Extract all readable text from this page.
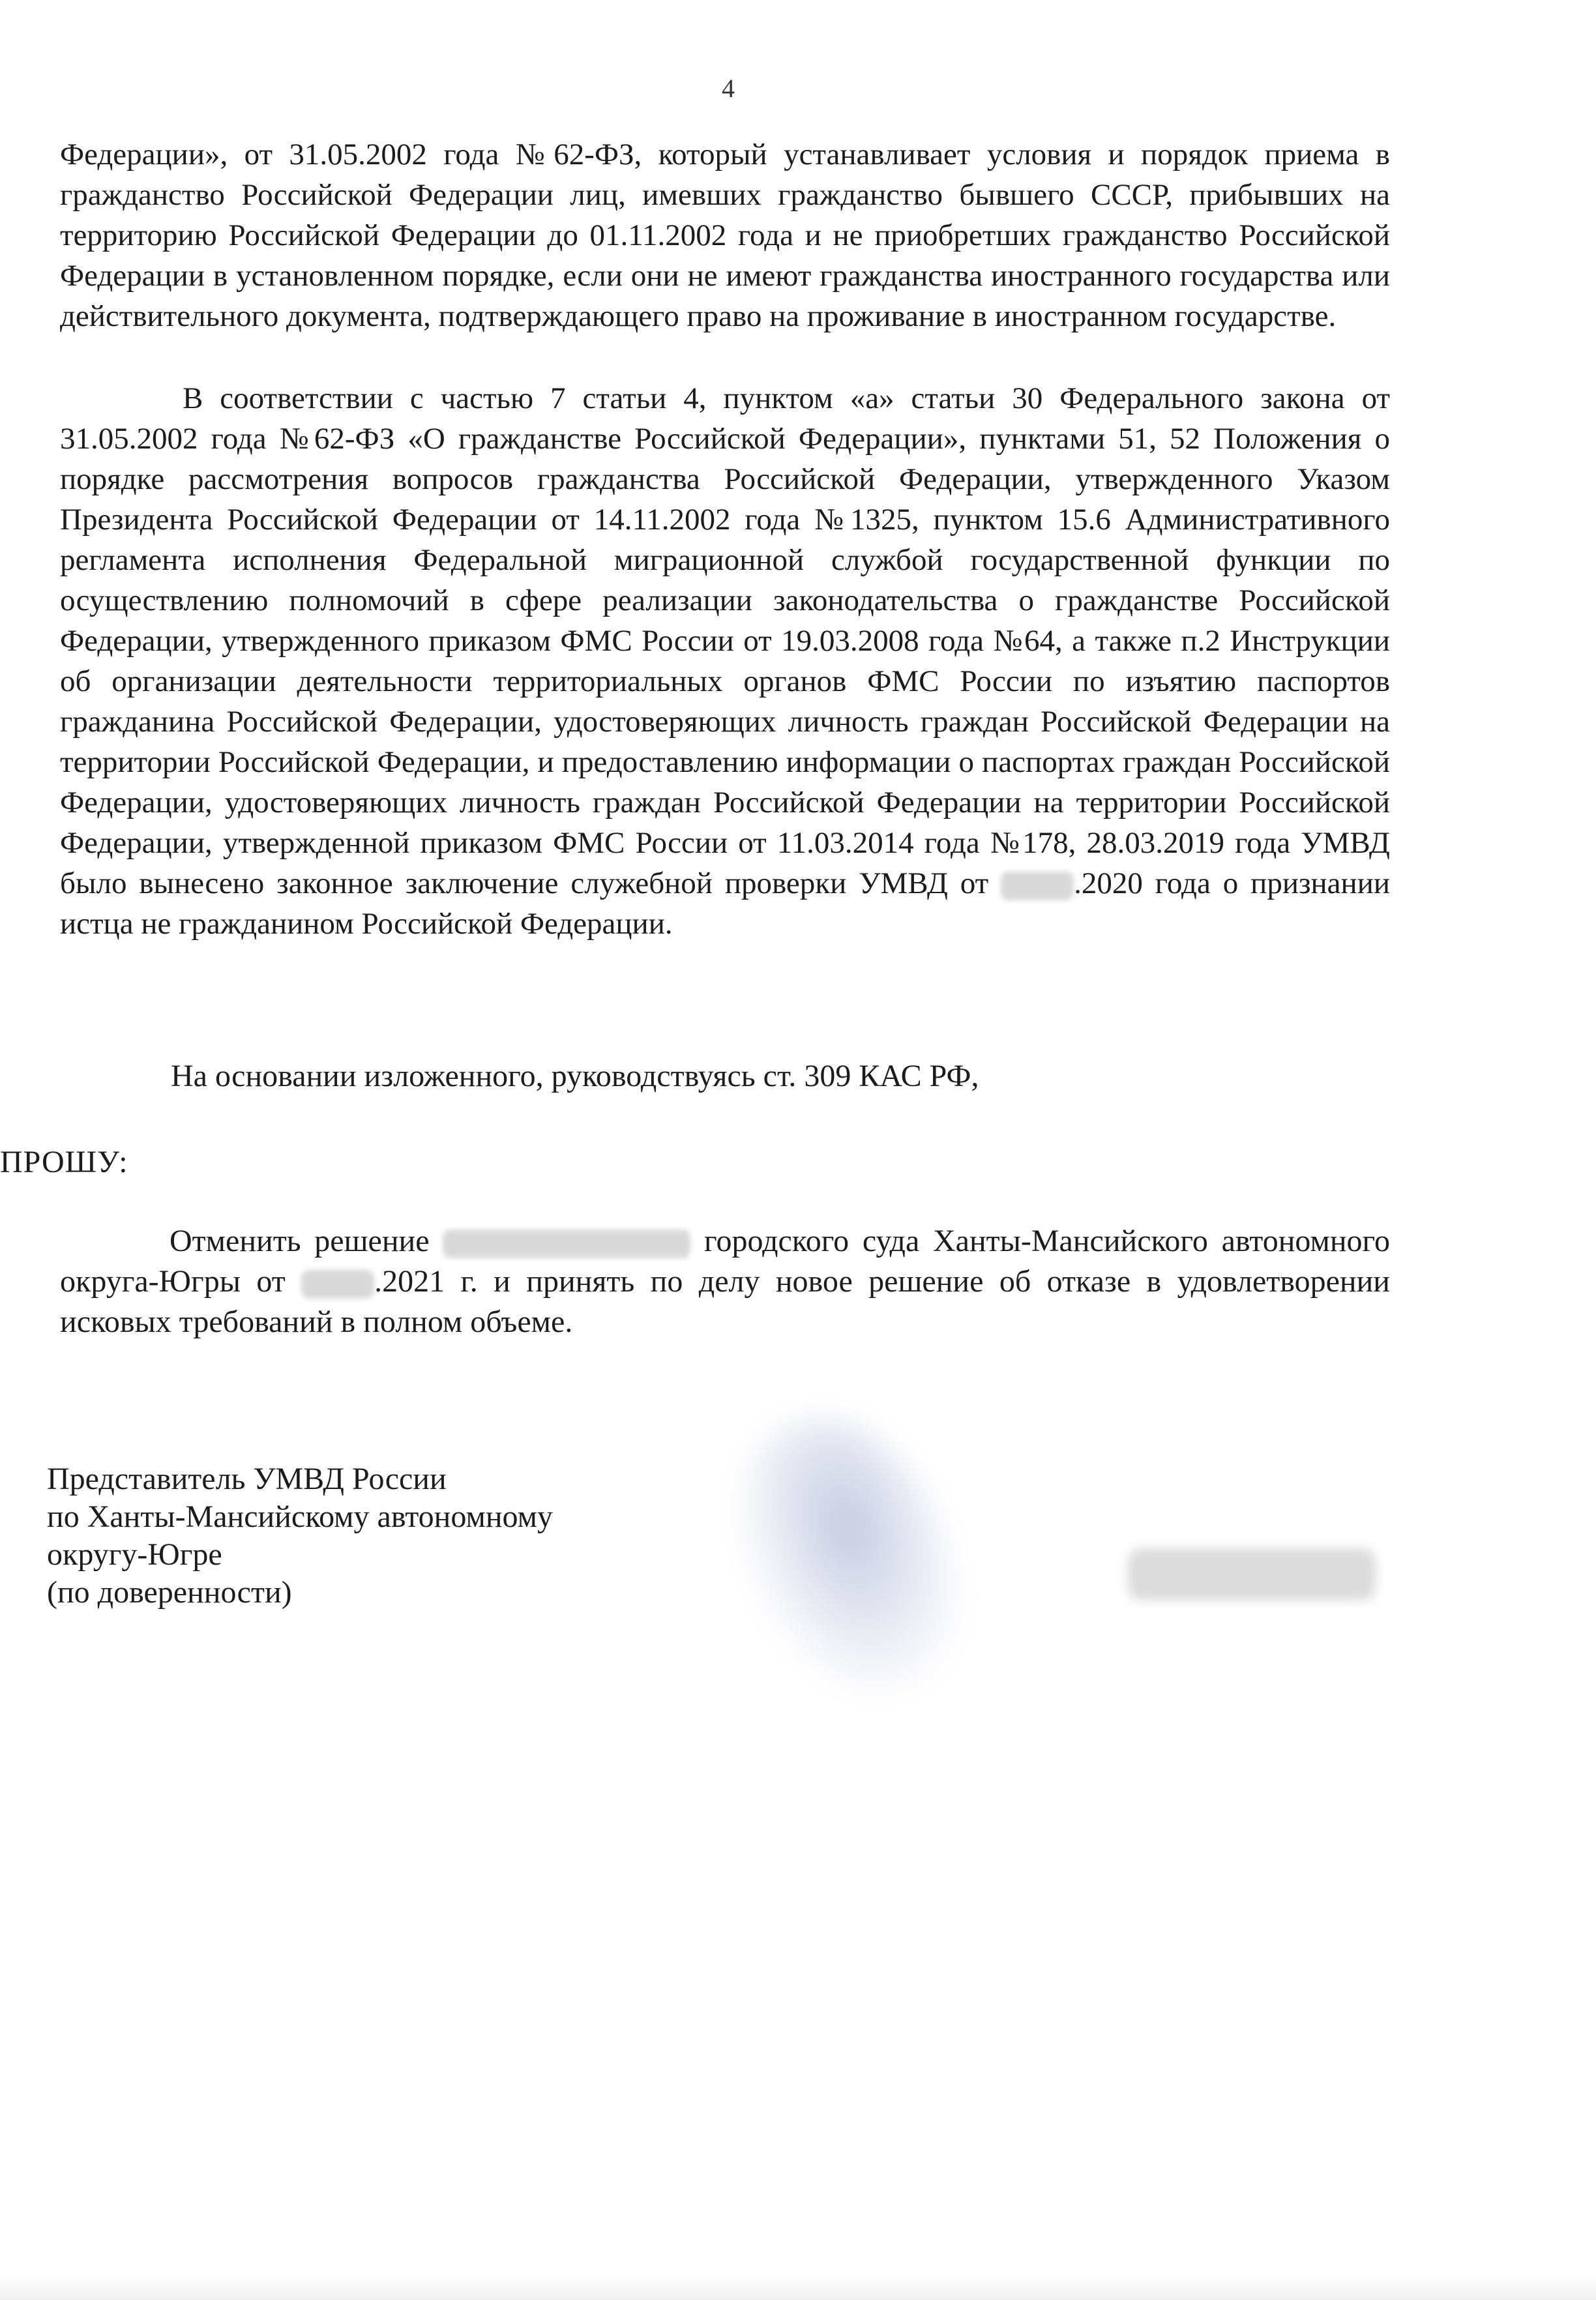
4

Федерации», от 31.05.2002 года №62-ФЗ, который устанавливает условия и порядок приема в гражданство Российской Федерации лиц, имевших гражданство бывшего СССР, прибывших на территорию Российской Федерации до 01.11.2002 года и не приобретших гражданство Российской Федерации в установленном порядке, если они не имеют гражданства иностранного государства или действительного документа, подтверждающего право на проживание в иностранном государстве.

В соответствии с частью 7 статьи 4, пунктом «а» статьи 30 Федерального закона от 31.05.2002 года №62-ФЗ «О гражданстве Российской Федерации», пунктами 51, 52 Положения о порядке рассмотрения вопросов гражданства Российской Федерации, утвержденного Указом Президента Российской Федерации от 14.11.2002 года №1325, пунктом 15.6 Административного регламента исполнения Федеральной миграционной службой государственной функции по осуществлению полномочий в сфере реализации законодательства о гражданстве Российской Федерации, утвержденного приказом ФМС России от 19.03.2008 года №64, а также п.2 Инструкции об организации деятельности территориальных органов ФМС России по изъятию паспортов гражданина Российской Федерации, удостоверяющих личность граждан Российской Федерации на территории Российской Федерации, и предоставлению информации о паспортах граждан Российской Федерации, удостоверяющих личность граждан Российской Федерации на территории Российской Федерации, утвержденной приказом ФМС России от 11.03.2014 года №178, 28.03.2019 года УМВД было вынесено законное заключение служебной проверки УМВД от	.2020 года о признании истца не гражданином Российской Федерации.

На основании изложенного, руководствуясь ст. 309 КАС РФ,

ПРОШУ:

Отменить решение	городского суда Ханты-Мансийского автономного округа-Югры от	.2021 г. и принять по делу новое решение об отказе в удовлетворении исковых требований в полном объеме.

Представитель УМВД России
по Ханты-Мансийскому автономному
округу-Югре
(по доверенности)
